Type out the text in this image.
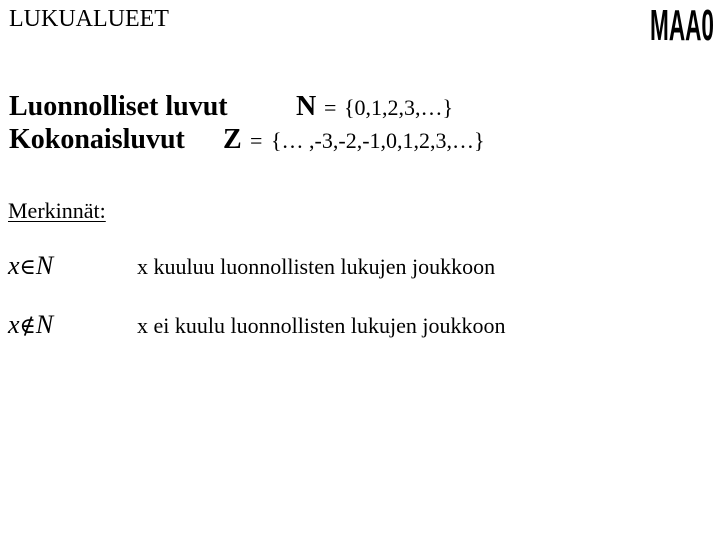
LUKUALUEET	MAA0
Luonnolliset luvut N = {0,1,2,3,…}
Kokonaisluvut Z = {… ,-3,-2,-1,0,1,2,3,…}
Merkinnät:
x∈N	x kuuluu luonnollisten lukujen joukkoon
x∉N	x ei kuulu luonnollisten lukujen joukkoon
